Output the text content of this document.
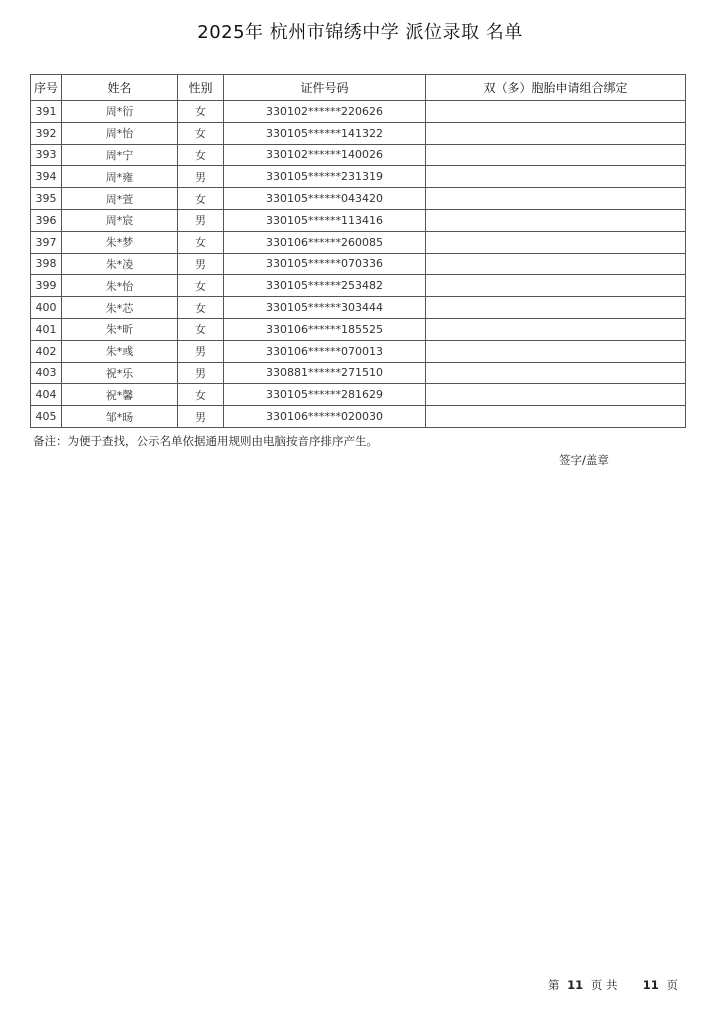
2025年 杭州市锦绣中学 派位录取 名单
序号	姓名	性别	证件号码	双（多）胞胎申请组合绑定
391	周*衍	女	330102******220626	
392	周*怡	女	330105******141322	
393	周*宁	女	330102******140026	
394	周*雍	男	330105******231319	
395	周*萱	女	330105******043420	
396	周*宸	男	330105******113416	
397	朱*梦	女	330106******260085	
398	朱*凌	男	330105******070336	
399	朱*怡	女	330105******253482	
400	朱*芯	女	330105******303444	
401	朱*昕	女	330106******185525	
402	朱*彧	男	330106******070013	
403	祝*乐	男	330881******271510	
404	祝*馨	女	330105******281629	
405	邹*旸	男	330106******020030	
备注：为便于查找，公示名单依据通用规则由电脑按音序排序产生。
签字/盖章
第 11 页 共 11 页
